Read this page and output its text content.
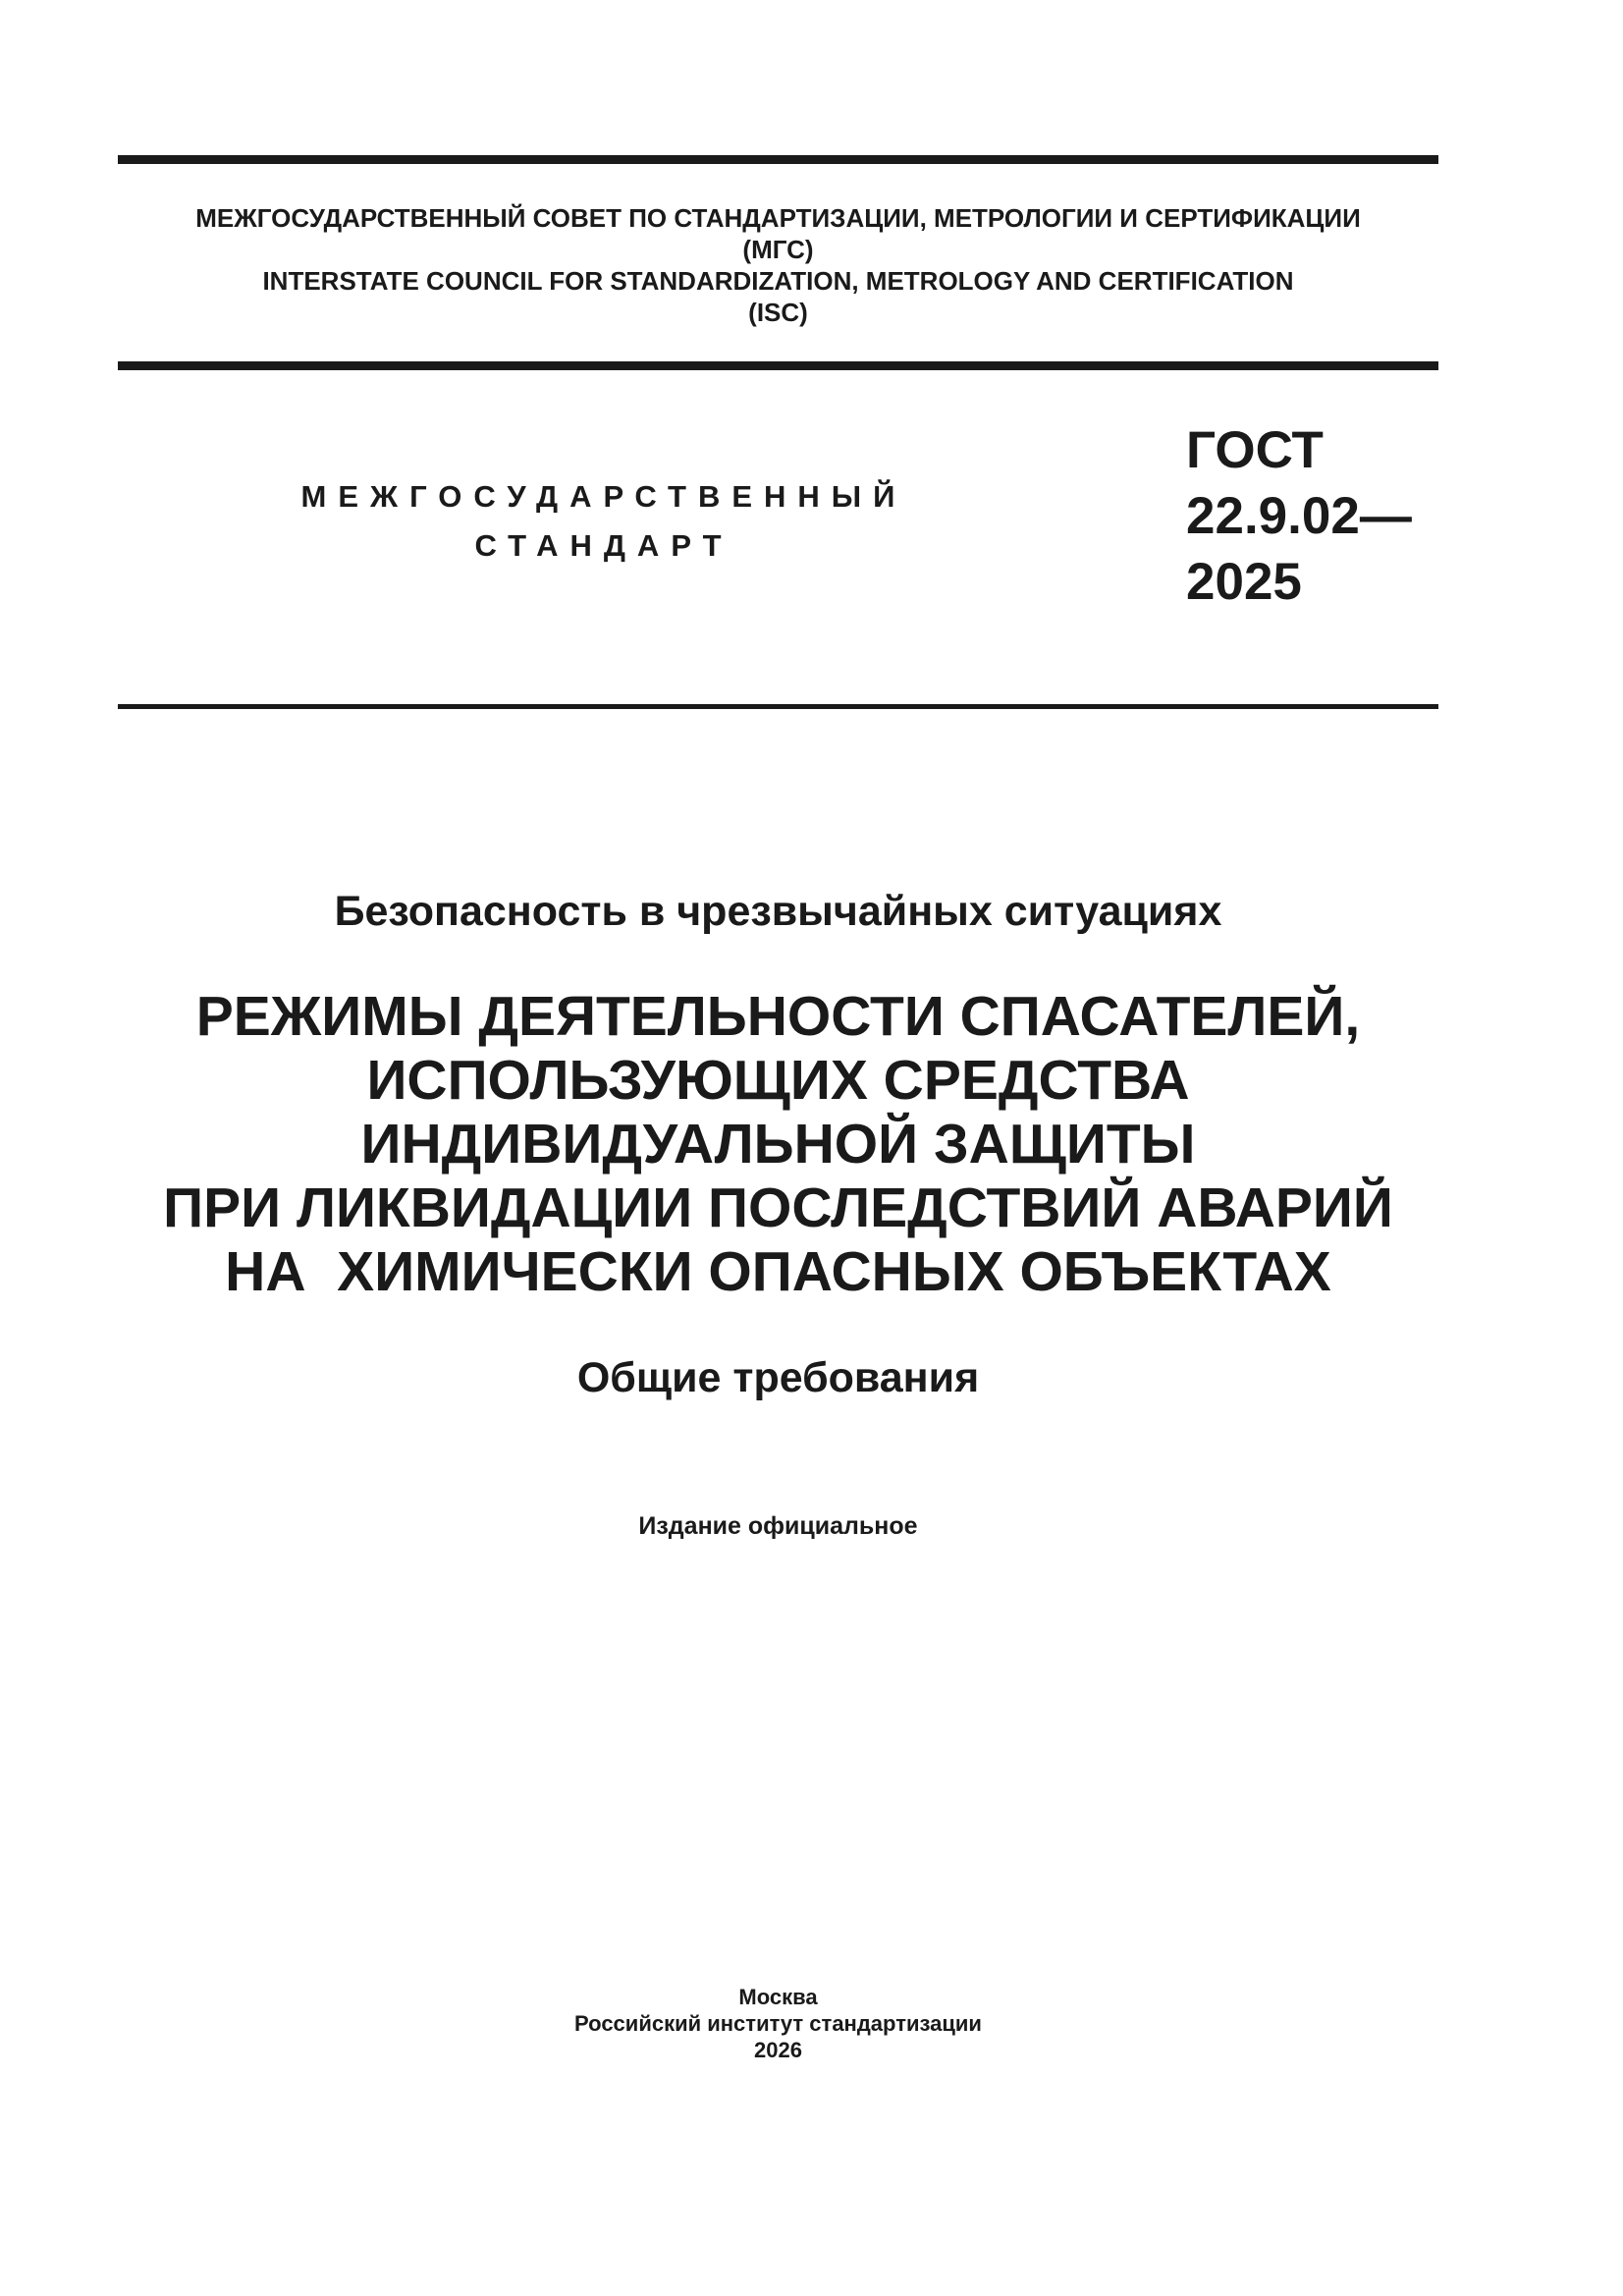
МЕЖГОСУДАРСТВЕННЫЙ СОВЕТ ПО СТАНДАРТИЗАЦИИ, МЕТРОЛОГИИ И СЕРТИФИКАЦИИ
(МГС)
INTERSTATE COUNCIL FOR STANDARDIZATION, METROLOGY AND CERTIFICATION
(ISC)
МЕЖГОСУДАРСТВЕННЫЙ
СТАНДАРТ
ГОСТ
22.9.02—
2025
Безопасность в чрезвычайных ситуациях
РЕЖИМЫ ДЕЯТЕЛЬНОСТИ СПАСАТЕЛЕЙ,
ИСПОЛЬЗУЮЩИХ СРЕДСТВА
ИНДИВИДУАЛЬНОЙ ЗАЩИТЫ
ПРИ ЛИКВИДАЦИИ ПОСЛЕДСТВИЙ АВАРИЙ
НА  ХИМИЧЕСКИ ОПАСНЫХ ОБЪЕКТАХ
Общие требования
Издание официальное
Москва
Российский институт стандартизации
2026
